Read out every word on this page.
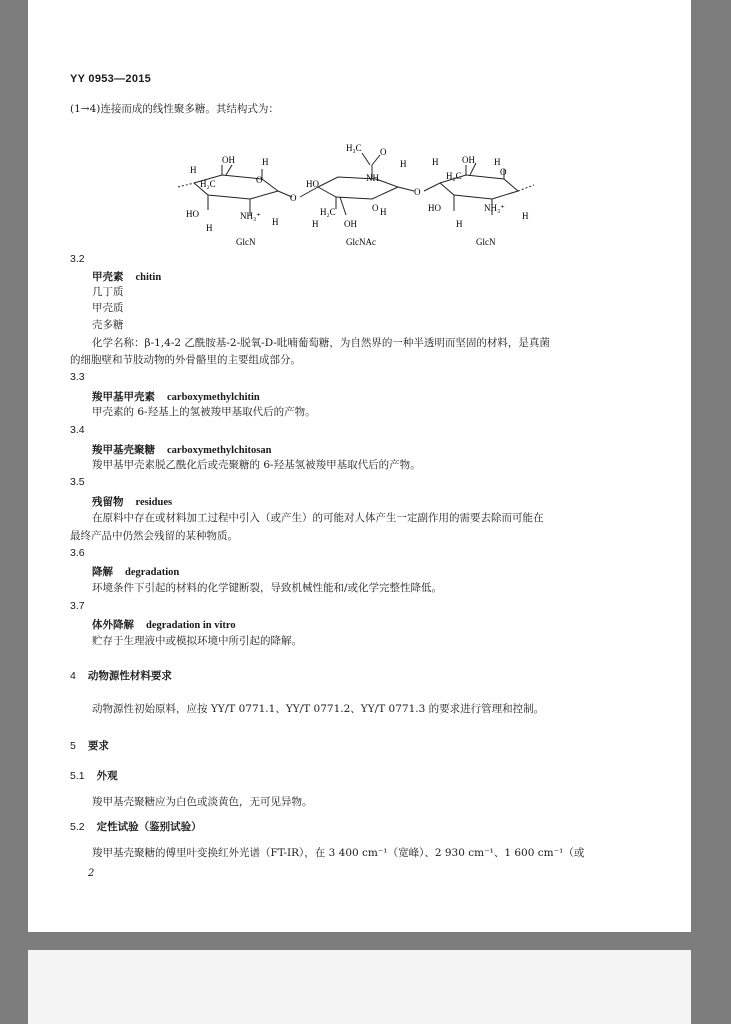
YY 0953—2015
(1→4)连接而成的线性聚多糖。其结构式为：
H
OH
H₂C	O
HO	NH₃⁺
H
H
H
O
H₃C O
NH
H
HO
H₂C	O
OH
H
H
O
H	OH
H₂C	O
HO	NH₃⁺
H
H
H
GlcN	GlcNAc	GlcN
3.2
甲壳素 chitin
几丁质
甲壳质
壳多糖
化学名称：β-1,4-2 乙酰胺基-2-脱氧-D-吡喃葡萄糖，为自然界的一种半透明而坚固的材料，是真菌
的细胞壁和节肢动物的外骨骼里的主要组成部分。
3.3
羧甲基甲壳素 carboxymethylchitin
甲壳素的 6-羟基上的氢被羧甲基取代后的产物。
3.4
羧甲基壳聚糖 carboxymethylchitosan
羧甲基甲壳素脱乙酰化后或壳聚糖的 6-羟基氢被羧甲基取代后的产物。
3.5
残留物 residues
在原料中存在或材料加工过程中引入（或产生）的可能对人体产生一定副作用的需要去除而可能在
最终产品中仍然会残留的某种物质。
3.6
降解 degradation
环境条件下引起的材料的化学键断裂，导致机械性能和/或化学完整性降低。
3.7
体外降解 degradation in vitro
贮存于生理液中或模拟环境中所引起的降解。
4 动物源性材料要求
动物源性初始原料，应按 YY/T 0771.1、YY/T 0771.2、YY/T 0771.3 的要求进行管理和控制。
5 要求
5.1 外观
羧甲基壳聚糖应为白色或淡黄色，无可见异物。
5.2 定性试验（鉴别试验）
羧甲基壳聚糖的傅里叶变换红外光谱（FT-IR），在 3 400 cm⁻¹（宽峰）、2 930 cm⁻¹、1 600 cm⁻¹（或
2
